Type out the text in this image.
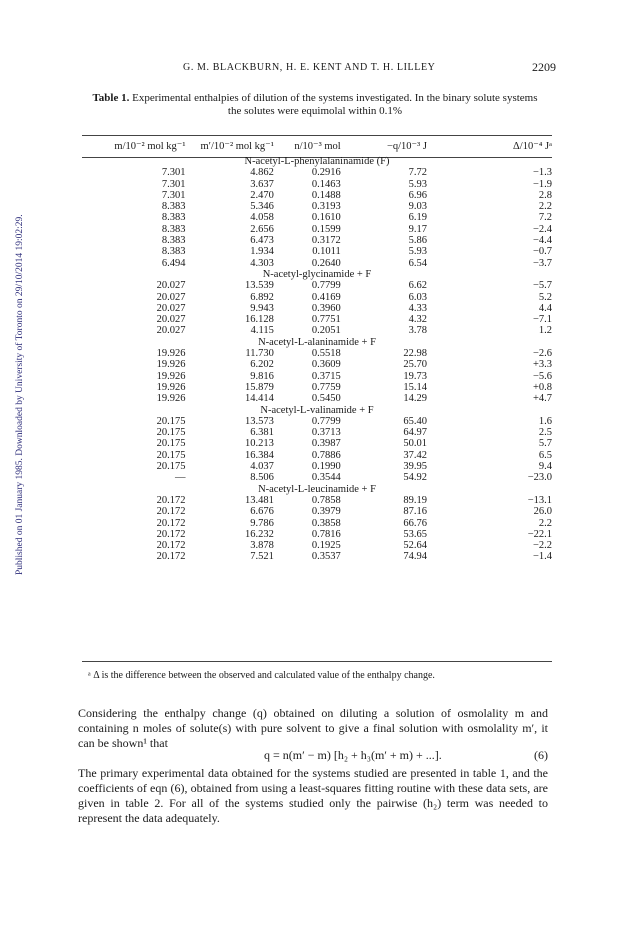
G. M. BLACKBURN, H. E. KENT AND T. H. LILLEY	2209
Published on 01 January 1985. Downloaded by University of Toronto on 29/10/2014 19:02:29.
Table 1. Experimental enthalpies of dilution of the systems investigated. In the binary solute systems the solutes were equimolal within 0.1%
m/10⁻² mol kg⁻¹	m′/10⁻² mol kg⁻¹	n/10⁻³ mol	−q/10⁻³ J	Δ/10⁻⁴ Jᵃ
N-acetyl-L-phenylalaninamide (F)				
7.301	4.862	0.2916	7.72	−1.3
7.301	3.637	0.1463	5.93	−1.9
7.301	2.470	0.1488	6.96	2.8
8.383	5.346	0.3193	9.03	2.2
8.383	4.058	0.1610	6.19	7.2
8.383	2.656	0.1599	9.17	−2.4
8.383	6.473	0.3172	5.86	−4.4
8.383	1.934	0.1011	5.93	−0.7
6.494	4.303	0.2640	6.54	−3.7
N-acetyl-glycinamide + F				
20.027	13.539	0.7799	6.62	−5.7
20.027	6.892	0.4169	6.03	5.2
20.027	9.943	0.3960	4.33	4.4
20.027	16.128	0.7751	4.32	−7.1
20.027	4.115	0.2051	3.78	1.2
N-acetyl-L-alaninamide + F				
19.926	11.730	0.5518	22.98	−2.6
19.926	6.202	0.3609	25.70	+3.3
19.926	9.816	0.3715	19.73	−5.6
19.926	15.879	0.7759	15.14	+0.8
19.926	14.414	0.5450	14.29	+4.7
N-acetyl-L-valinamide + F				
20.175	13.573	0.7799	65.40	1.6
20.175	6.381	0.3713	64.97	2.5
20.175	10.213	0.3987	50.01	5.7
20.175	16.384	0.7886	37.42	6.5
20.175	4.037	0.1990	39.95	9.4
—	8.506	0.3544	54.92	−23.0
N-acetyl-L-leucinamide + F				
20.172	13.481	0.7858	89.19	−13.1
20.172	6.676	0.3979	87.16	26.0
20.172	9.786	0.3858	66.76	2.2
20.172	16.232	0.7816	53.65	−22.1
20.172	3.878	0.1925	52.64	−2.2
20.172	7.521	0.3537	74.94	−1.4
ᵃ Δ is the difference between the observed and calculated value of the enthalpy change.
Considering the enthalpy change (q) obtained on diluting a solution of osmolality m and containing n moles of solute(s) with pure solvent to give a final solution with osmolality m′, it can be shown¹ that
q = n(m′ − m) [h₂ + h₃(m′ + m) + ...].	(6)
The primary experimental data obtained for the systems studied are presented in table 1, and the coefficients of eqn (6), obtained from using a least-squares fitting routine with these data sets, are given in table 2. For all of the systems studied only the pairwise (h₂) term was needed to represent the data adequately.
